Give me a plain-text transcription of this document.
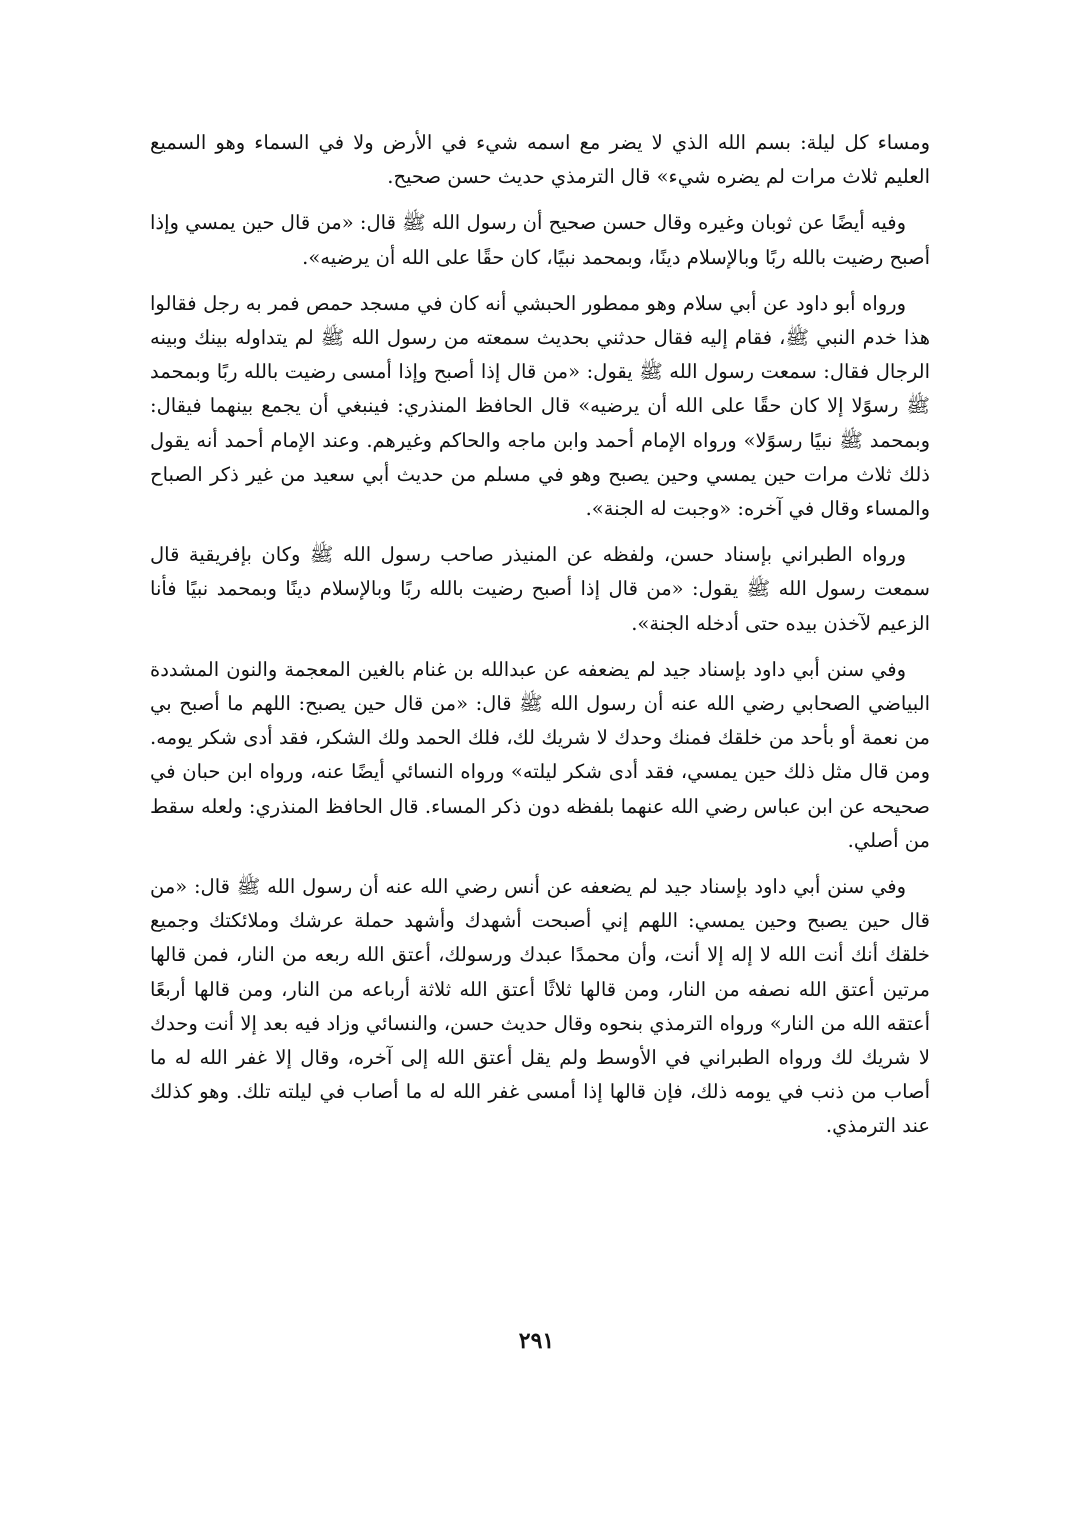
ومساء كل ليلة: بسم الله الذي لا يضر مع اسمه شيء في الأرض ولا في السماء وهو السميع العليم ثلاث مرات لم يضره شيء» قال الترمذي حديث حسن صحيح.

وفيه أيضًا عن ثوبان وغيره وقال حسن صحيح أن رسول الله ﷺ قال: «من قال حين يمسي وإذا أصبح رضيت بالله ربًا وبالإسلام دينًا، وبمحمد نبيًا، كان حقًا على الله أن يرضيه».

ورواه أبو داود عن أبي سلام وهو ممطور الحبشي أنه كان في مسجد حمص فمر به رجل فقالوا هذا خدم النبي ﷺ، فقام إليه فقال حدثني بحديث سمعته من رسول الله ﷺ لم يتداوله بينك وبينه الرجال فقال: سمعت رسول الله ﷺ يقول: «من قال إذا أصبح وإذا أمسى رضيت بالله ربًا وبمحمد ﷺ رسوًلا إلا كان حقًا على الله أن يرضيه» قال الحافظ المنذري: فينبغي أن يجمع بينهما فيقال: وبمحمد ﷺ نبيًا رسوًلا» ورواه الإمام أحمد وابن ماجه والحاكم وغيرهم. وعند الإمام أحمد أنه يقول ذلك ثلاث مرات حين يمسي وحين يصبح وهو في مسلم من حديث أبي سعيد من غير ذكر الصباح والمساء وقال في آخره: «وجبت له الجنة».

ورواه الطبراني بإسناد حسن، ولفظه عن المنيذر صاحب رسول الله ﷺ وكان بإفريقية قال سمعت رسول الله ﷺ يقول: «من قال إذا أصبح رضيت بالله ربًا وبالإسلام دينًا وبمحمد نبيًا فأنا الزعيم لآخذن بيده حتى أدخله الجنة».

وفي سنن أبي داود بإسناد جيد لم يضعفه عن عبدالله بن غنام بالغين المعجمة والنون المشددة البياضي الصحابي رضي الله عنه أن رسول الله ﷺ قال: «من قال حين يصبح: اللهم ما أصبح بي من نعمة أو بأحد من خلقك فمنك وحدك لا شريك لك، فلك الحمد ولك الشكر، فقد أدى شكر يومه. ومن قال مثل ذلك حين يمسي، فقد أدى شكر ليلته» ورواه النسائي أيضًا عنه، ورواه ابن حبان في صحيحه عن ابن عباس رضي الله عنهما بلفظه دون ذكر المساء. قال الحافظ المنذري: ولعله سقط من أصلي.

وفي سنن أبي داود بإسناد جيد لم يضعفه عن أنس رضي الله عنه أن رسول الله ﷺ قال: «من قال حين يصبح وحين يمسي: اللهم إني أصبحت أشهدك وأشهد حملة عرشك وملائكتك وجميع خلقك أنك أنت الله لا إله إلا أنت، وأن محمدًا عبدك ورسولك، أعتق الله ربعه من النار، فمن قالها مرتين أعتق الله نصفه من النار، ومن قالها ثلاثًا أعتق الله ثلاثة أرباعه من النار، ومن قالها أربعًا أعتقه الله من النار» ورواه الترمذي بنحوه وقال حديث حسن، والنسائي وزاد فيه بعد إلا أنت وحدك لا شريك لك ورواه الطبراني في الأوسط ولم يقل أعتق الله إلى آخره، وقال إلا غفر الله له ما أصاب من ذنب في يومه ذلك، فإن قالها إذا أمسى غفر الله له ما أصاب في ليلته تلك. وهو كذلك عند الترمذي.

٢٩١
